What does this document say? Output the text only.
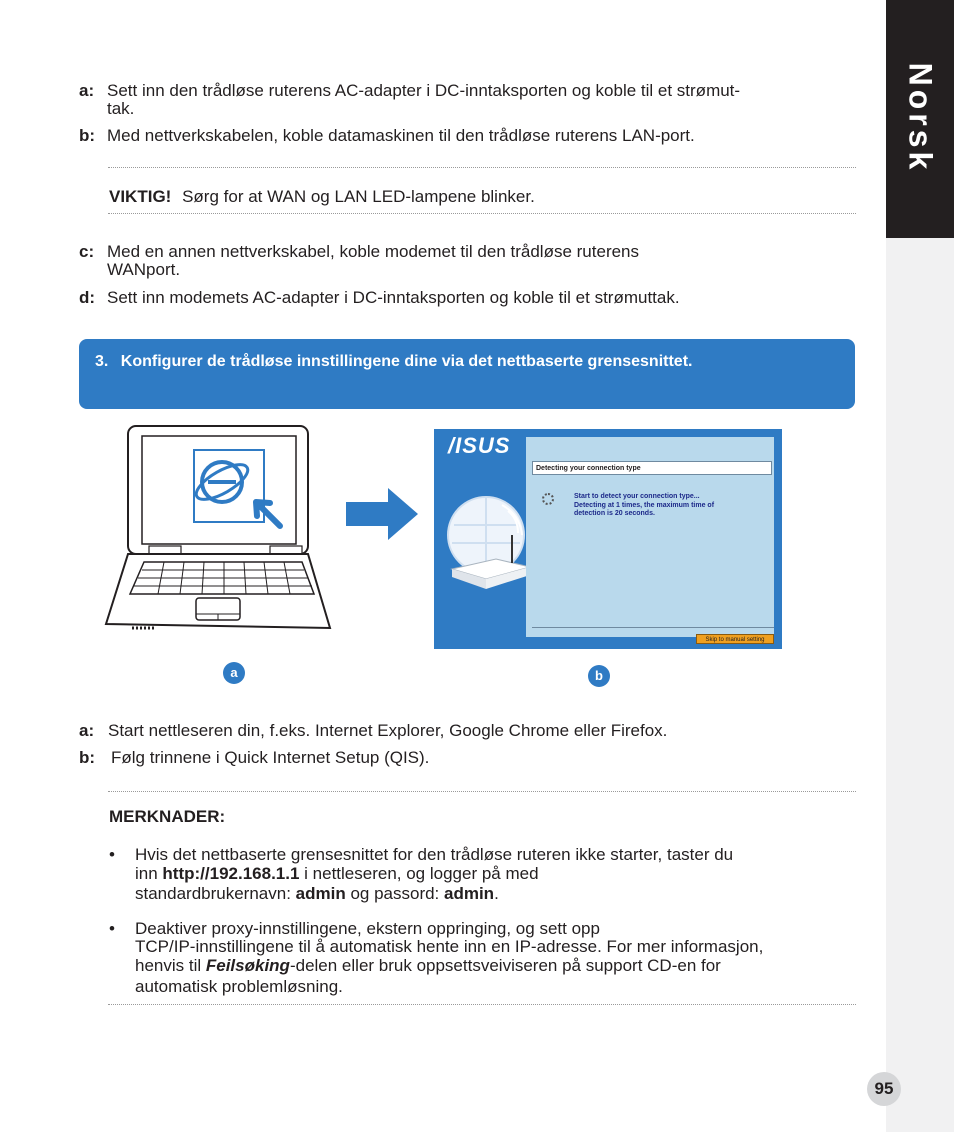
Norsk
a: Sett inn den trådløse ruterens AC-adapter i DC-inntaksporten og koble til et strømut-
tak.
b: Med nettverkskabelen, koble datamaskinen til den trådløse ruterens LAN-port.
VIKTIG! Sørg for at WAN og LAN LED-lampene blinker.
c: Med en annen nettverkskabel, koble modemet til den trådløse ruterens
WANport.
d: Sett inn modemets AC-adapter i DC-inntaksporten og koble til et strømuttak.
3. Konfigurer de trådløse innstillingene dine via det nettbaserte grensesnittet.
/ISUS
Detecting your connection type
Start to detect your connection type...
Detecting at 1 times, the maximum time of
detection is 20 seconds.
Skip to manual setting
a	b
a: Start nettleseren din, f.eks. Internet Explorer, Google Chrome eller Firefox.
b: Følg trinnene i Quick Internet Setup (QIS).
MERKNADER:
• Hvis det nettbaserte grensesnittet for den trådløse ruteren ikke starter, taster du
inn http://192.168.1.1 i nettleseren, og logger på med
standardbrukernavn: admin og passord: admin.
• Deaktiver proxy-innstillingene, ekstern oppringing, og sett opp
TCP/IP-innstillingene til å automatisk hente inn en IP-adresse. For mer informasjon,
henvis til Feilsøking-delen eller bruk oppsettsveiviseren på support CD-en for
automatisk problemløsning.
95
